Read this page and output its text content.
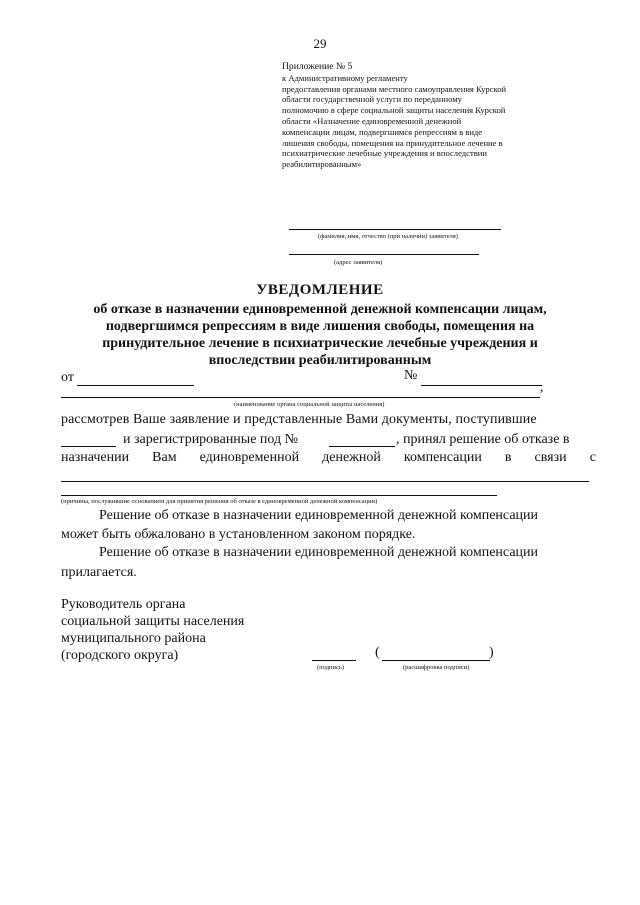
29
Приложение № 5
к Административному регламенту
предоставления органами местного самоуправления Курской
области государственной услуги по переданному
полномочию в сфере социальной защиты населения Курской
области «Назначение единовременной денежной
компенсации лицам, подвергшимся репрессиям в виде
лишения свободы, помещения на принудительное лечение в
психиатрические лечебные учреждения и впоследствии
реабилитированным»
(фамилия, имя, отчество (при наличии) заявителя)
(адрес заявителя)
УВЕДОМЛЕНИЕ
об отказе в назначении единовременной денежной компенсации лицам,
подвергшимся репрессиям в виде лишения свободы, помещения на
принудительное лечение в психиатрические лечебные учреждения и
впоследствии реабилитированным
от	№
(наименование органа социальной защиты населения)
,
рассмотрев Ваше заявление и представленные Вами документы, поступившие
и зарегистрированные под №	, принял решение об отказе в
назначении Вам единовременной денежной компенсации в связи с
(причины, послужившие основанием для принятия решения об отказе в единовременной денежной компенсации)
Решение об отказе в назначении единовременной денежной компенсации
может быть обжаловано в установленном законом порядке.
Решение об отказе в назначении единовременной денежной компенсации
прилагается.
Руководитель органа
социальной защиты населения
муниципального района
(городского округа)
(подпись)
(	)
(расшифровка подписи)
